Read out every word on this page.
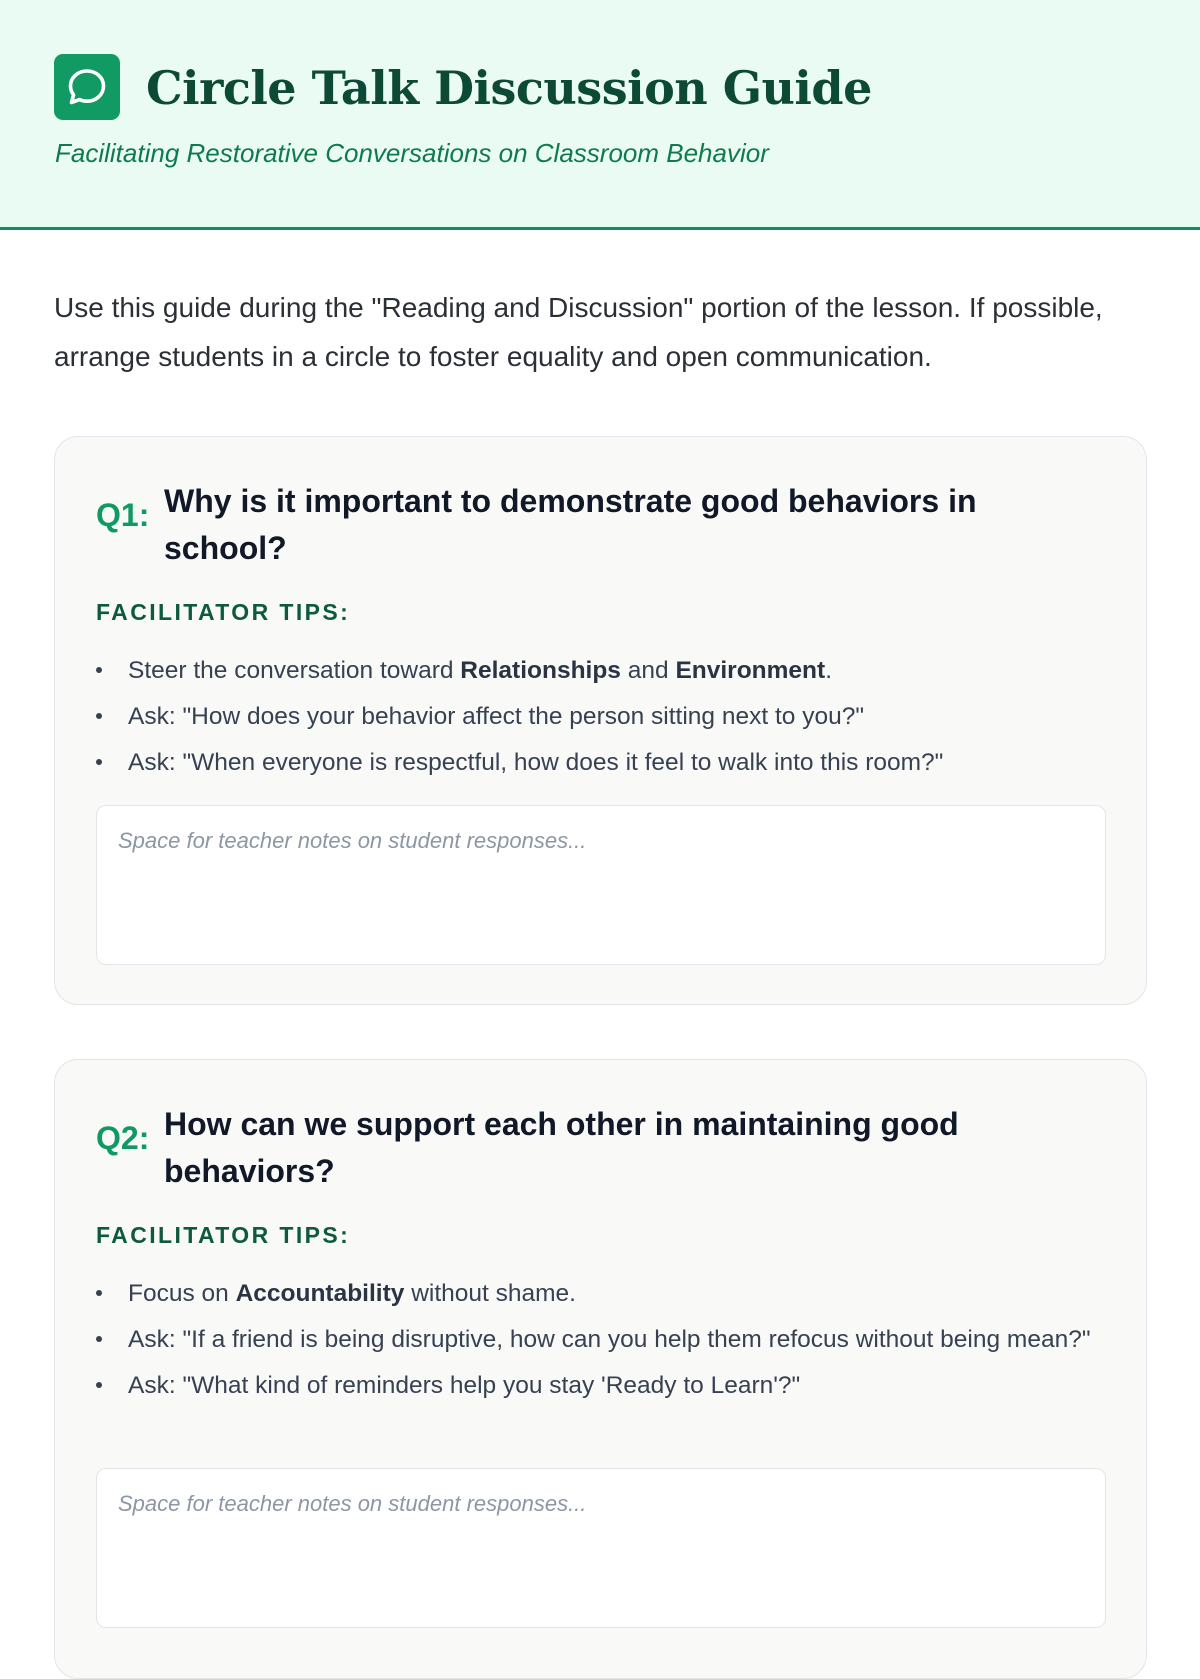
Circle Talk Discussion Guide
Facilitating Restorative Conversations on Classroom Behavior

Use this guide during the "Reading and Discussion" portion of the lesson. If possible, arrange students in a circle to foster equality and open communication.

Q1: Why is it important to demonstrate good behaviors in school?
FACILITATOR TIPS:
Steer the conversation toward Relationships and Environment.
Ask: "How does your behavior affect the person sitting next to you?"
Ask: "When everyone is respectful, how does it feel to walk into this room?"
Space for teacher notes on student responses...
Q2: How can we support each other in maintaining good behaviors?
FACILITATOR TIPS:
Focus on Accountability without shame.
Ask: "If a friend is being disruptive, how can you help them refocus without being mean?"
Ask: "What kind of reminders help you stay 'Ready to Learn'?"
Space for teacher notes on student responses...
